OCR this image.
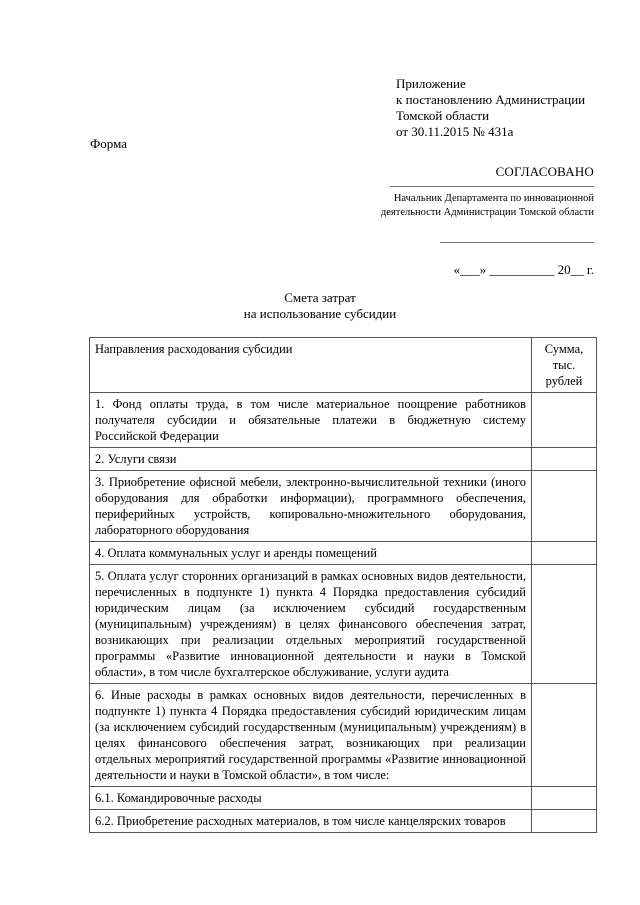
Приложение
к постановлению Администрации
Томской области
от 30.11.2015 № 431а
Форма
СОГЛАСОВАНО
Начальник Департамента по инновационной
деятельности Администрации Томской области
«___» __________ 20__ г.
Смета затрат
на использование субсидии
Направления расходования субсидии	Сумма,
тыс.
рублей

1. Фонд оплаты труда, в том числе материальное поощрение работников получателя субсидии и обязательные платежи в бюджетную систему Российской Федерации	
2. Услуги связи	
3. Приобретение офисной мебели, электронно-вычислительной техники (иного оборудования для обработки информации), программного обеспечения, периферийных устройств, копировально-множительного оборудования, лабораторного оборудования	
4. Оплата коммунальных услуг и аренды помещений	
5. Оплата услуг сторонних организаций в рамках основных видов деятельности, перечисленных в подпункте 1) пункта 4 Порядка предоставления субсидий юридическим лицам (за исключением субсидий государственным (муниципальным) учреждениям) в целях финансового обеспечения затрат, возникающих при реализации отдельных мероприятий государственной программы «Развитие инновационной деятельности и науки в Томской области», в том числе бухгалтерское обслуживание, услуги аудита	
6. Иные расходы в рамках основных видов деятельности, перечисленных в подпункте 1) пункта 4 Порядка предоставления субсидий юридическим лицам (за исключением субсидий государственным (муниципальным) учреждениям) в целях финансового обеспечения затрат, возникающих при реализации отдельных мероприятий государственной программы «Развитие инновационной деятельности и науки в Томской области», в том числе:	
6.1. Командировочные расходы	
6.2. Приобретение расходных материалов, в том числе канцелярских товаров	
